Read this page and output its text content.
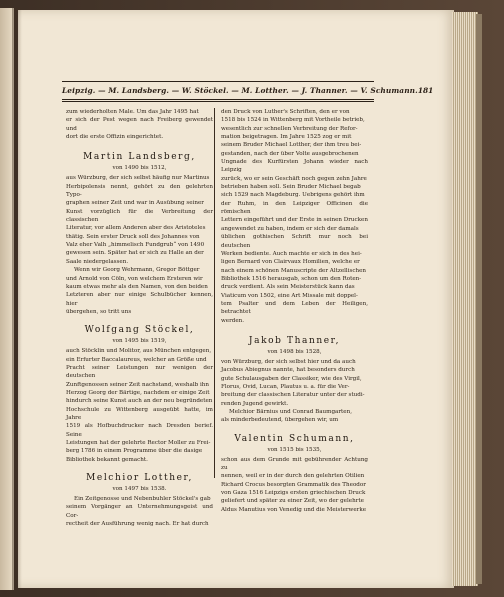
Leipzig. — M. Landsberg. — W. Stöckel. — M. Lotther. — J. Thanner. — V. Schumann. 181

zum wiederholten Male. Um das Jahr 1495 hat

er sich der Pest wegen nach Freiberg gewendet und

dort die erste Offizin eingerichtet.

Martin Landsberg,
von 1490 bis 1512,

aus Würzburg, der sich selbst häufig nur Martinus

Herbipolensis nennt, gehört zu den gelehrten Typo-

graphen seiner Zeit und war in Ausübung seiner

Kunst vorzüglich für die Verbreitung der classischen

Literatur, vor allem Anderen aber des Aristoteles

thätig. Sein erster Druck soll des Johannes von

Valz eher Valh „himmelisch Fundgrub“ von 1490

gewesen sein. Später hat er sich zu Halle an der

Saale niedergelassen.

Wenn wir Georg Wehrmann, Gregor Böttger

und Arnold von Cöln, von welchem Ersteren wir

kaum etwas mehr als den Namen, von den beiden

Letzteren aber nur einige Schulbücher kennen, hier

übergehen, so tritt uns

Wolfgang Stöckel,
von 1495 bis 1519,

auch Stöcklin und Molitor, aus München entgegen,

ein Erfurter Baccalaureus, welcher an Größe und

Pracht seiner Leistungen nur wenigen der deutschen

Zunftgenossen seiner Zeit nachstand, weshalb ihn

Herzog Georg der Bärtige, nachdem er einige Zeit

hindurch seine Kunst auch an der neu begründeten

Hochschule zu Wittenberg ausgeübt hatte, im Jahre

1519 als Hofbuchdrucker nach Dresden berief. Seine

Leistungen hat der gelehrte Rector Moller zu Frei-

berg 1786 in einem Programme über die dasige

Bibliothek bekannt gemacht.

Melchior Lotther,
von 1497 bis 1538.

Ein Zeitgenosse und Nebenbuhler Stöckel's gab

seinem Vorgänger an Unternehmungsgeist und Cor-

rectheit der Ausführung wenig nach. Er hat durch

den Druck von Luther's Schriften, den er von

1518 bis 1524 in Wittenberg mit Vortheile betrieb,

wesentlich zur schnellen Verbreitung der Refor-

mation beigetragen. Im Jahre 1525 zog er mit

seinem Bruder Michael Lotther, der ihm treu bei-

gestanden, nach der über Volte ausgebrochenen

Ungnade des Kurfürsten Johann wieder nach Leipzig

zurück, wo er sein Geschäft noch gegen zehn Jahre

betrieben haben soll. Sein Bruder Michael begab

sich 1529 nach Magdeburg. Uebrigens gehört ihm

der Ruhm, in den Leipziger Officinen die römischen

Lettern eingeführt und der Erste in seinen Drucken

angewendet zu haben, indem er sich der damals

üblichen gothischen Schrift mur noch bei deutschen

Werken bediente. Auch machte er sich in des hei-

ligen Bernard von Clairvaux Homilien, welche er

nach einem schönen Manuscripte der Altzellischen

Bibliothek 1516 herausgab, schon um den Roten-

druck verdient. Als sein Meisterstück kann das

Viaticum von 1502, eine Art Missale mit doppel-

tem Psalter und dem Leben der Heiligen, betrachtet

werden.

Jakob Thanner,
von 1498 bis 1528,

von Würzburg, der sich selbst hier und da auch

Jacobus Abiegnus nannte, hat besonders durch

gute Schulausgaben der Classiker, wie des Virgil,

Florus, Ovid, Lucan, Plautus u. a. für die Ver-

breitung der classischen Literatur unter der studi-

renden Jugend gewirkt.

Melchior Bärnius und Conrad Baumgarten,

als minderbedeutend, übergehen wir, um

Valentin Schumann,
von 1515 bis 1535,

schon aus dem Grunde mit gebührender Achtung zu

nennen, weil er in der durch den gelehrten Otilien

Richard Crocus besorgten Grammatik des Theodor

von Gaza 1516 Leipzigs ersten griechischen Druck

geliefert und später zu einer Zeit, wo der gelehrte

Aldus Manutius von Venedig und die Meisterwerke
